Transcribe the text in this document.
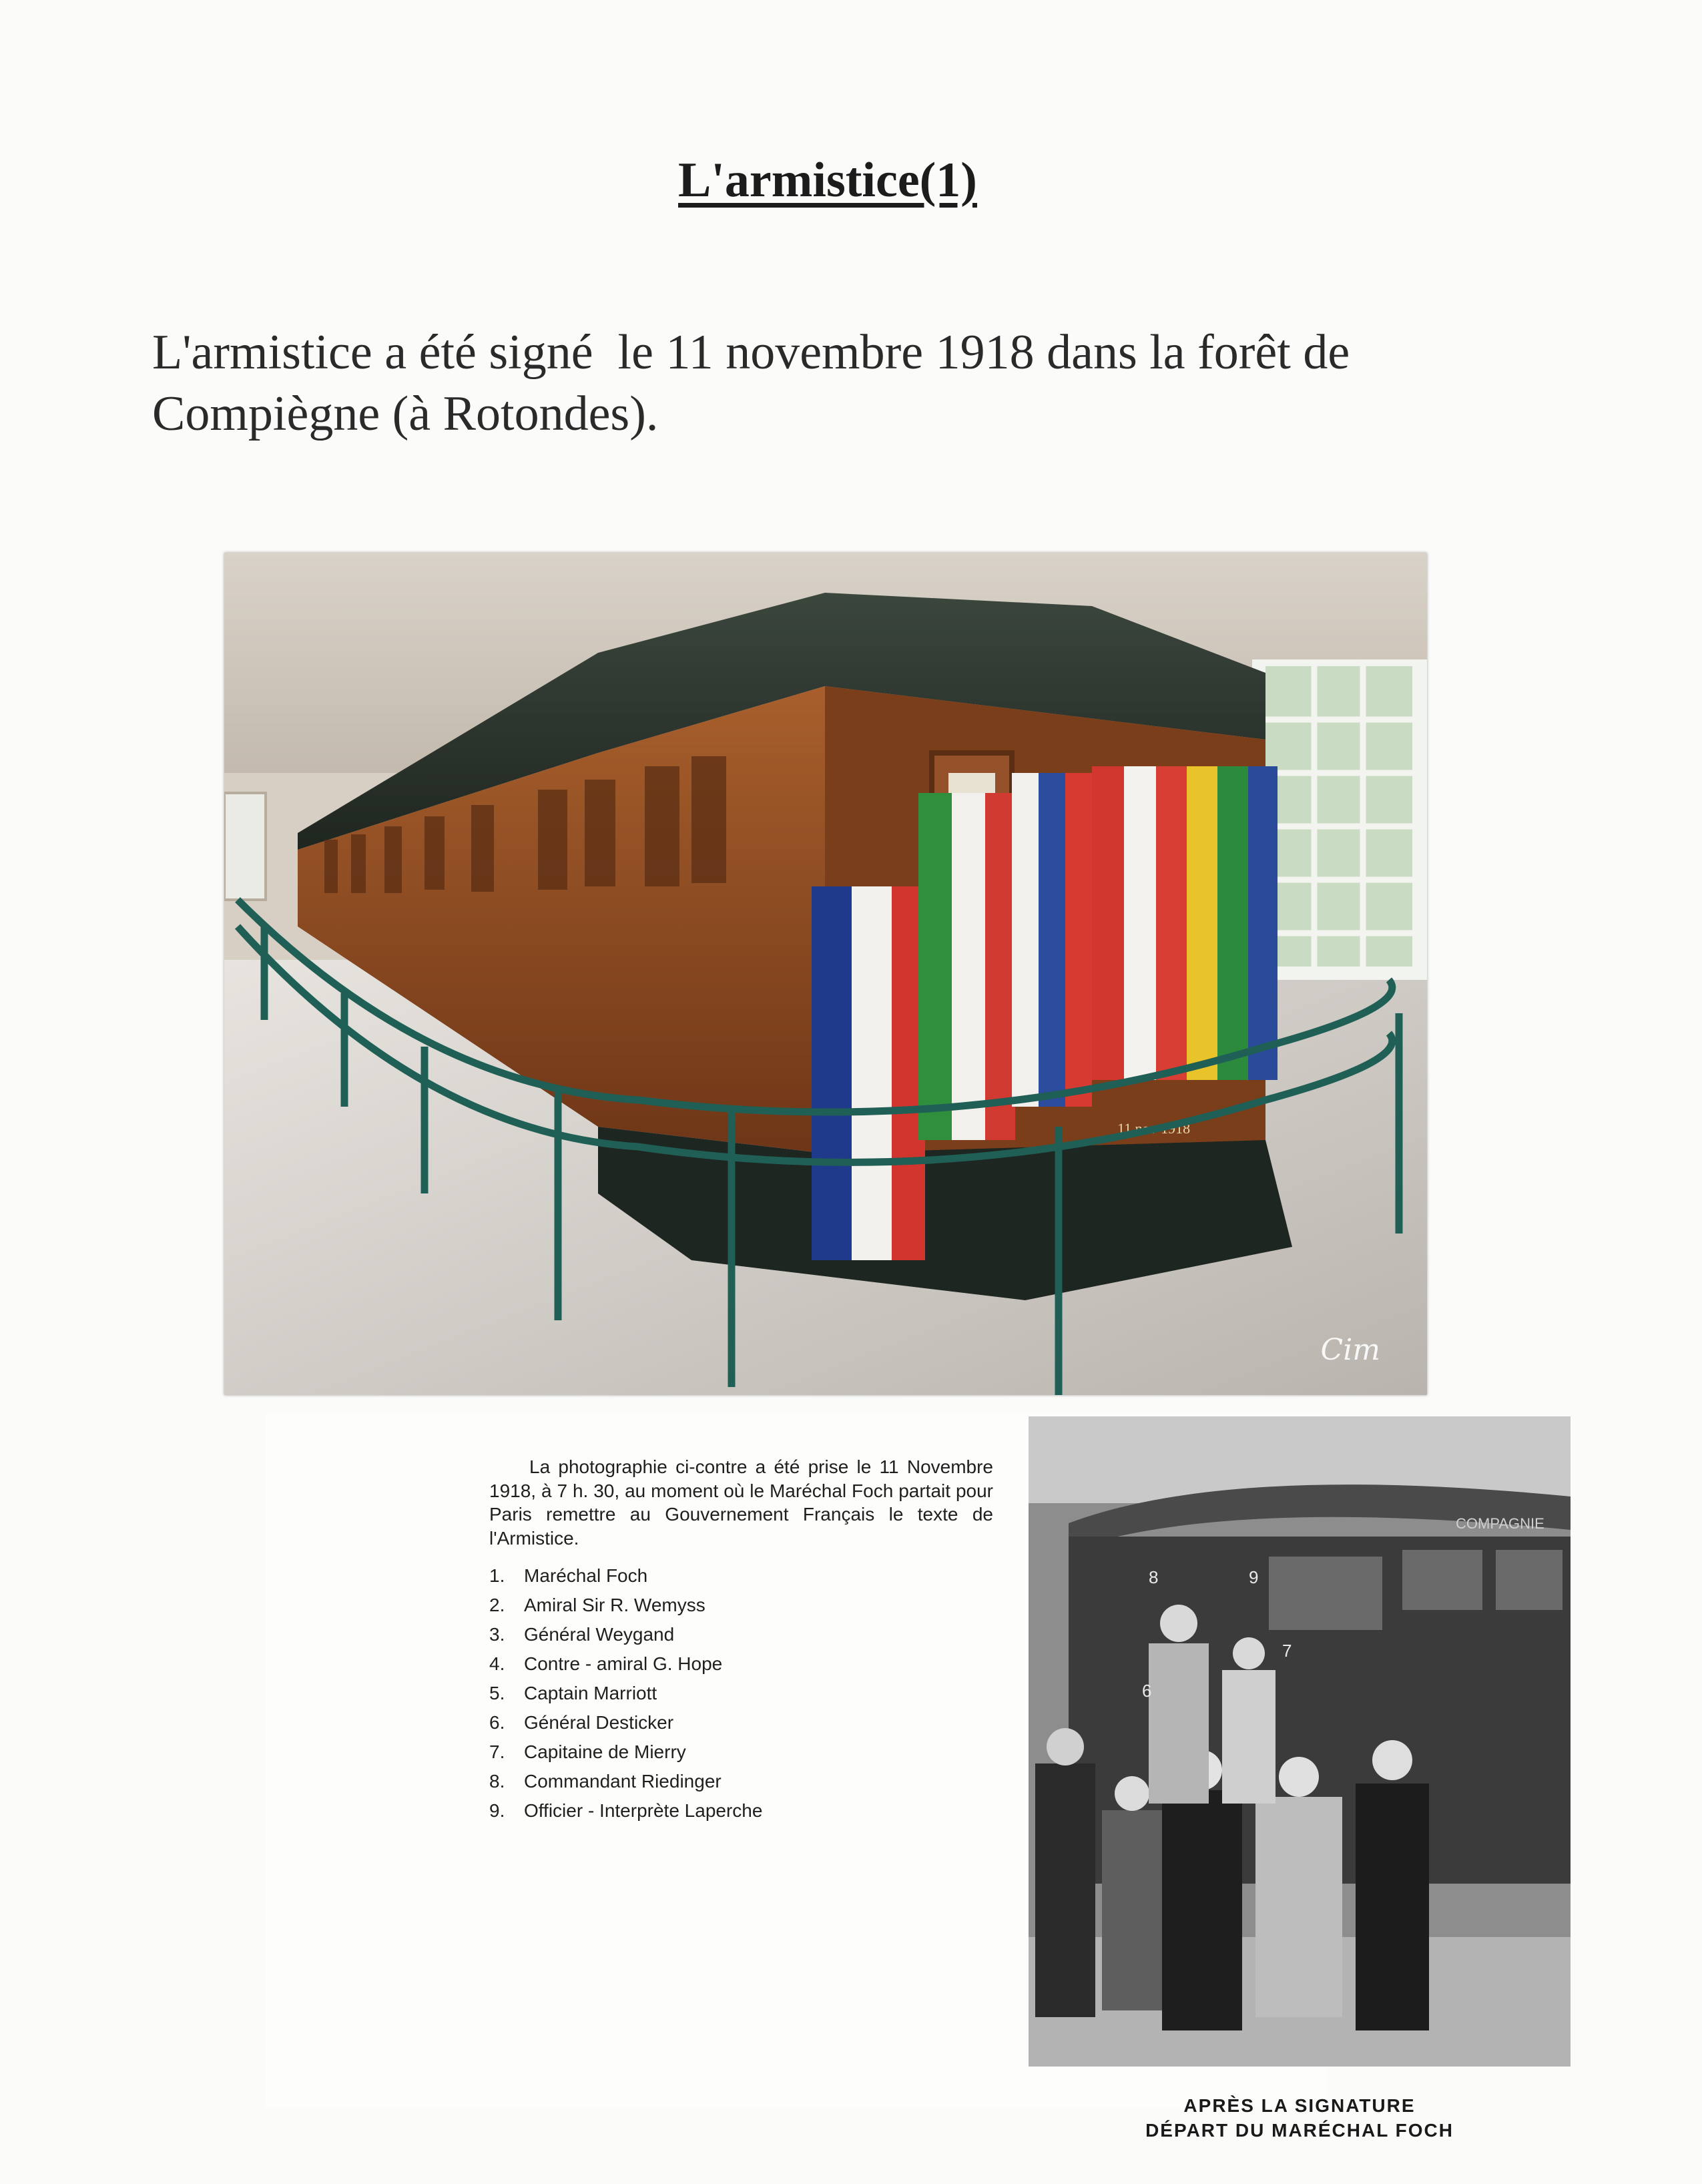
L'armistice(1)
L'armistice a été signé  le 11 novembre 1918 dans la forêt de
Compiègne (à Rotondes).
11 nov 1918
Cim

La photographie ci-contre a été prise le 11 Novembre 1918, à 7 h. 30, au moment où le Maréchal Foch partait pour Paris remettre au Gouvernement Français le texte de l'Armistice.

1.	Maréchal Foch
2.	Amiral Sir R. Wemyss
3.	Général Weygand
4.	Contre - amiral G. Hope
5.	Captain Marriott
6.	Général Desticker
7.	Capitaine de Mierry
8.	Commandant Riedinger
9.	Officier - Interprète Laperche
COMPAGNIE
8	9
7
6
APRÈS LA SIGNATURE
DÉPART DU MARÉCHAL FOCH
